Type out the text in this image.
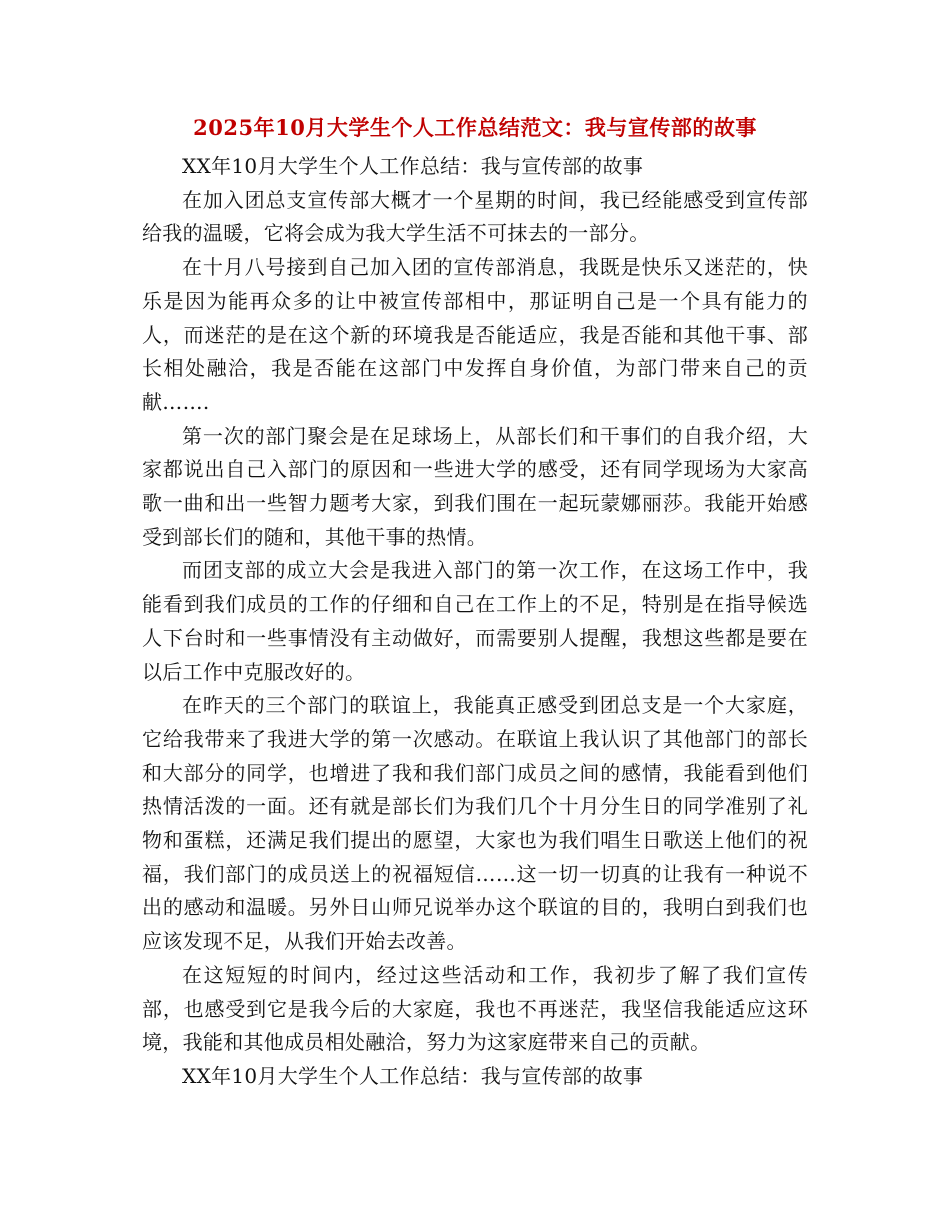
2025年10月大学生个人工作总结范文：我与宣传部的故事

XX年10月大学生个人工作总结：我与宣传部的故事

在加入团总支宣传部大概才一个星期的时间，我已经能感受到宣传部给我的温暖，它将会成为我大学生活不可抹去的一部分。

在十月八号接到自己加入团的宣传部消息，我既是快乐又迷茫的，快乐是因为能再众多的让中被宣传部相中，那证明自己是一个具有能力的人，而迷茫的是在这个新的环境我是否能适应，我是否能和其他干事、部长相处融洽，我是否能在这部门中发挥自身价值，为部门带来自己的贡献…….

第一次的部门聚会是在足球场上，从部长们和干事们的自我介绍，大家都说出自己入部门的原因和一些进大学的感受，还有同学现场为大家高歌一曲和出一些智力题考大家，到我们围在一起玩蒙娜丽莎。我能开始感受到部长们的随和，其他干事的热情。

而团支部的成立大会是我进入部门的第一次工作，在这场工作中，我能看到我们成员的工作的仔细和自己在工作上的不足，特别是在指导候选人下台时和一些事情没有主动做好，而需要别人提醒，我想这些都是要在以后工作中克服改好的。

在昨天的三个部门的联谊上，我能真正感受到团总支是一个大家庭，它给我带来了我进大学的第一次感动。在联谊上我认识了其他部门的部长和大部分的同学，也增进了我和我们部门成员之间的感情，我能看到他们热情活泼的一面。还有就是部长们为我们几个十月分生日的同学准别了礼物和蛋糕，还满足我们提出的愿望，大家也为我们唱生日歌送上他们的祝福，我们部门的成员送上的祝福短信……这一切一切真的让我有一种说不出的感动和温暖。另外日山师兄说举办这个联谊的目的，我明白到我们也应该发现不足，从我们开始去改善。

在这短短的时间内，经过这些活动和工作，我初步了解了我们宣传部，也感受到它是我今后的大家庭，我也不再迷茫，我坚信我能适应这环境，我能和其他成员相处融洽，努力为这家庭带来自己的贡献。

XX年10月大学生个人工作总结：我与宣传部的故事
